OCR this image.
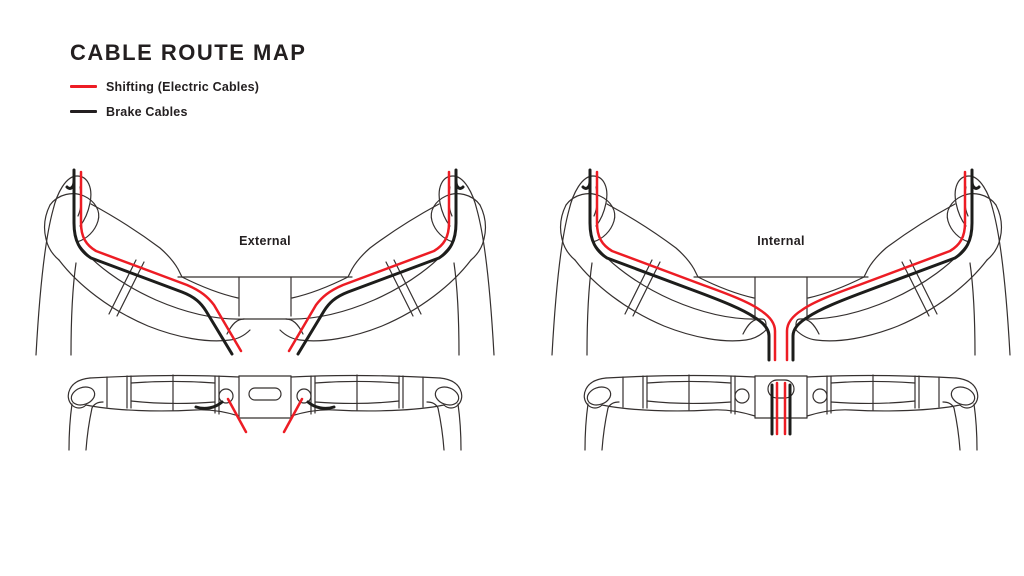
CABLE ROUTE MAP
Shifting (Electric Cables)
Brake Cables
External	Internal
